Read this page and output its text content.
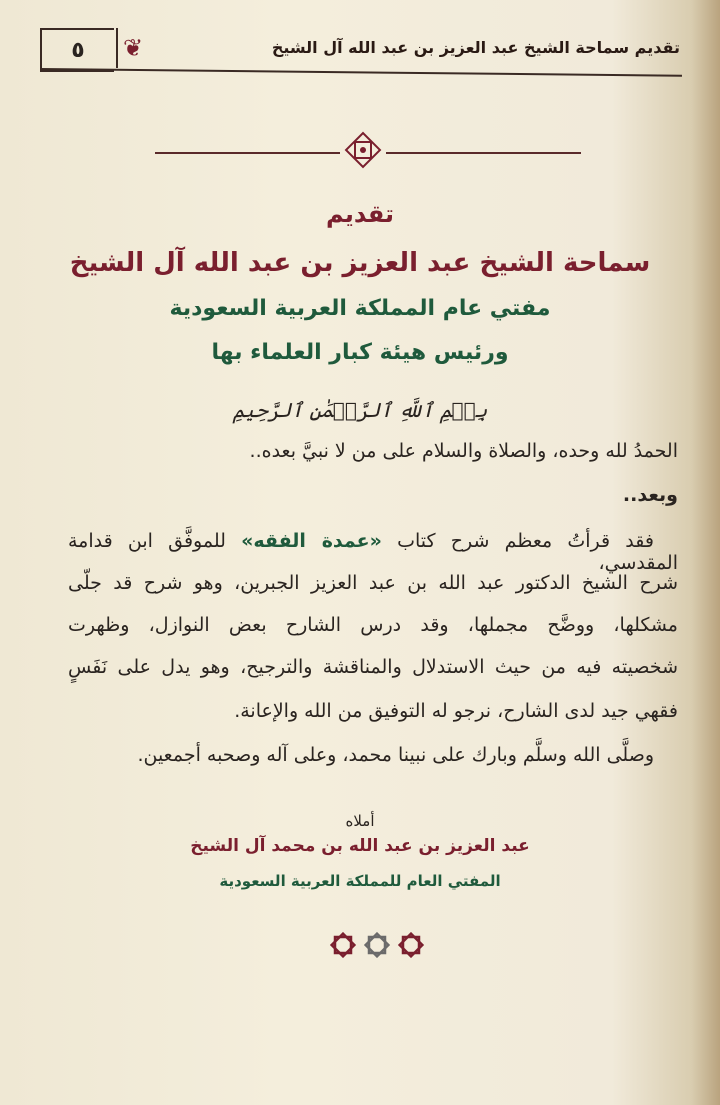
٥ ❦	تقديم سماحة الشيخ عبد العزيز بن عبد الله آل الشيخ
تقديم
سماحة الشيخ عبد العزيز بن عبد الله آل الشيخ
مفتي عام المملكة العربية السعودية
ورئيس هيئة كبار العلماء بها
بِسۡمِ ٱللَّهِ ٱلرَّحۡمَٰنِ ٱلرَّحِيمِ
الحمدُ لله وحده، والصلاة والسلام على من لا نبيَّ بعده..
وبعد..
فقد قرأتُ معظم شرح كتاب «عمدة الفقه» للموفَّق ابن قدامة المقدسي،
شرح الشيخ الدكتور عبد الله بن عبد العزيز الجبرين، وهو شرح قد جلّى
مشكلها، ووضَّح مجملها، وقد درس الشارح بعض النوازل، وظهرت
شخصيته فيه من حيث الاستدلال والمناقشة والترجيح، وهو يدل على نَفَسٍ
فقهي جيد لدى الشارح، نرجو له التوفيق من الله والإعانة.
وصلَّى الله وسلَّم وبارك على نبينا محمد، وعلى آله وصحبه أجمعين.
أملاه
عبد العزيز بن عبد الله بن محمد آل الشيخ
المفتي العام للمملكة العربية السعودية
